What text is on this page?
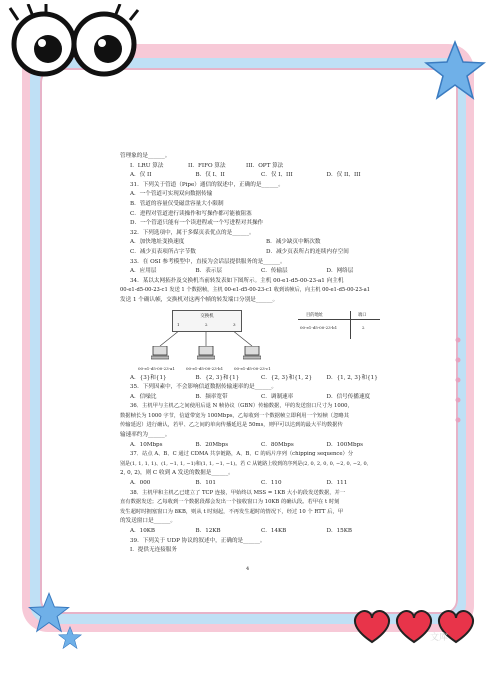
管理象的是______。

I．LRU 算法	II．FIFO 算法	III．OPT 算法

A．仅 II	B．仅 I、II	C．仅 I、III	D．仅 II、III

31．下列关于管道（Pipe）通信的叙述中，正确的是______。

A．一个管道可实现双向数据传输

B．管道的容量仅受磁盘容量大小限制

C．进程对管道进行读操作和写操作都可能被阻塞

D．一个管道只能有一个读进程或一个写进程对其操作

32．下列选项中，属于多媒页表优点的是______。

A．加快地址变换速度	B．减少缺页中断次数

C．减少页表项所占字节数	D．减少页表所占的连续内存空间

33．在 OSI 参考模型中，直接为会话层提供服务的是______。

A．应用层	B．表示层	C．传输层	D．网络层

34．某以太网拓扑及交换机当前转发表如下图所示。主机 00-e1-d5-00-23-a1 向主机

00-e1-d5-00-23-c1 发送 1 个数据帧，主机 00-e1-d5-00-23-c1 收到该帧后，向主机 00-e1-d5-00-23-a1

发送 1 个确认帧，交换机对这两个帧的转发端口分别是______。

交换机
1	2	3
目的地址	端口
00-e1-d5-00-23-b1	2
00-e1-d5-00-23-a1	00-e1-d5-00-23-b1	00-e1-d5-00-23-c1

A．{3}和{1}	B．{2, 3}和{1}	C．{2, 3}和{1, 2}	D．{1, 2, 3}和{1}

35．下列因素中，不会影响信道数据传输速率的是______。

A．信噪比	B．频率宽带	C．调制速率	D．信号传播速度

36．主机甲与主机乙之间使用后退 N 帧协议（GBN）传输数据，甲的发送窗口尺寸为 1000，

数据帧长为 1000 字节，信道带宽为 100Mbps，乙每收到一个数据帧立即利用一个短帧（忽略其

传输延迟）进行确认，若甲、乙之间的单向传播延迟是 50ms，则甲可以达到的最大平均数据传

输速率约为______。

A．10Mbps	B．20Mbps	C．80Mbps	D．100Mbps

37．站点 A、B、C 通过 CDMA 共享链路，A、B、C 的码片序列（chipping sequence）分

别是(1, 1, 1, 1)、(1, −1, 1, −1)和(1, 1, −1, −1)。若 C 从链路上收到的序列是(2, 0, 2, 0, 0, −2, 0, −2, 0,

2, 0, 2)，则 C 收到 A 发送的数据是______。

A．000	B．101	C．110	D．111

38．主机甲和主机乙已建立了 TCP 连接，甲始终以 MSS = 1KB 大小的段发送数据，并一

直有数据发送；乙每收到一个数据段都会发出一个接收窗口为 10KB 的确认段。若甲在 t 时刻

发生超时时拥塞窗口为 8KB，则从 t 时刻起，不再发生超时的情况下，经过 10 个 RTT 后，甲

的发送窗口是______。

A．10KB	B．12KB	C．14KB	D．15KB

39．下列关于 UDP 协议的叙述中，正确的是______。

I．提供无连接服务

4
文库
